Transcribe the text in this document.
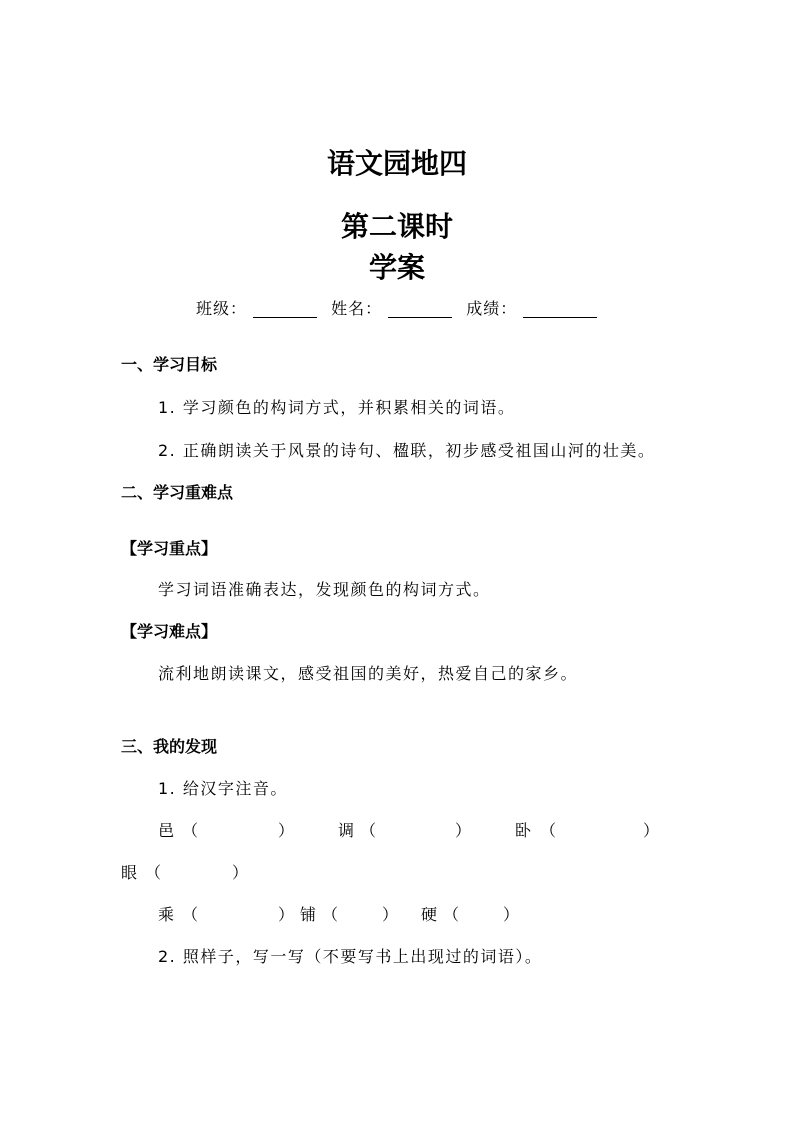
语文园地四
第二课时
学案
班级：	姓名：	成绩：
一、学习目标
1. 学习颜色的构词方式，并积累相关的词语。
2. 正确朗读关于风景的诗句、楹联，初步感受祖国山河的壮美。
二、学习重难点
【学习重点】
学习词语准确表达，发现颜色的构词方式。
【学习难点】
流利地朗读课文，感受祖国的美好，热爱自己的家乡。
三、我的发现
1. 给汉字注音。
邑 （	）	调 （	）	卧 （	）
眼 （	）
乘 （	） 铺 （	） 硬 （	）
2. 照样子，写一写（不要写书上出现过的词语）。
